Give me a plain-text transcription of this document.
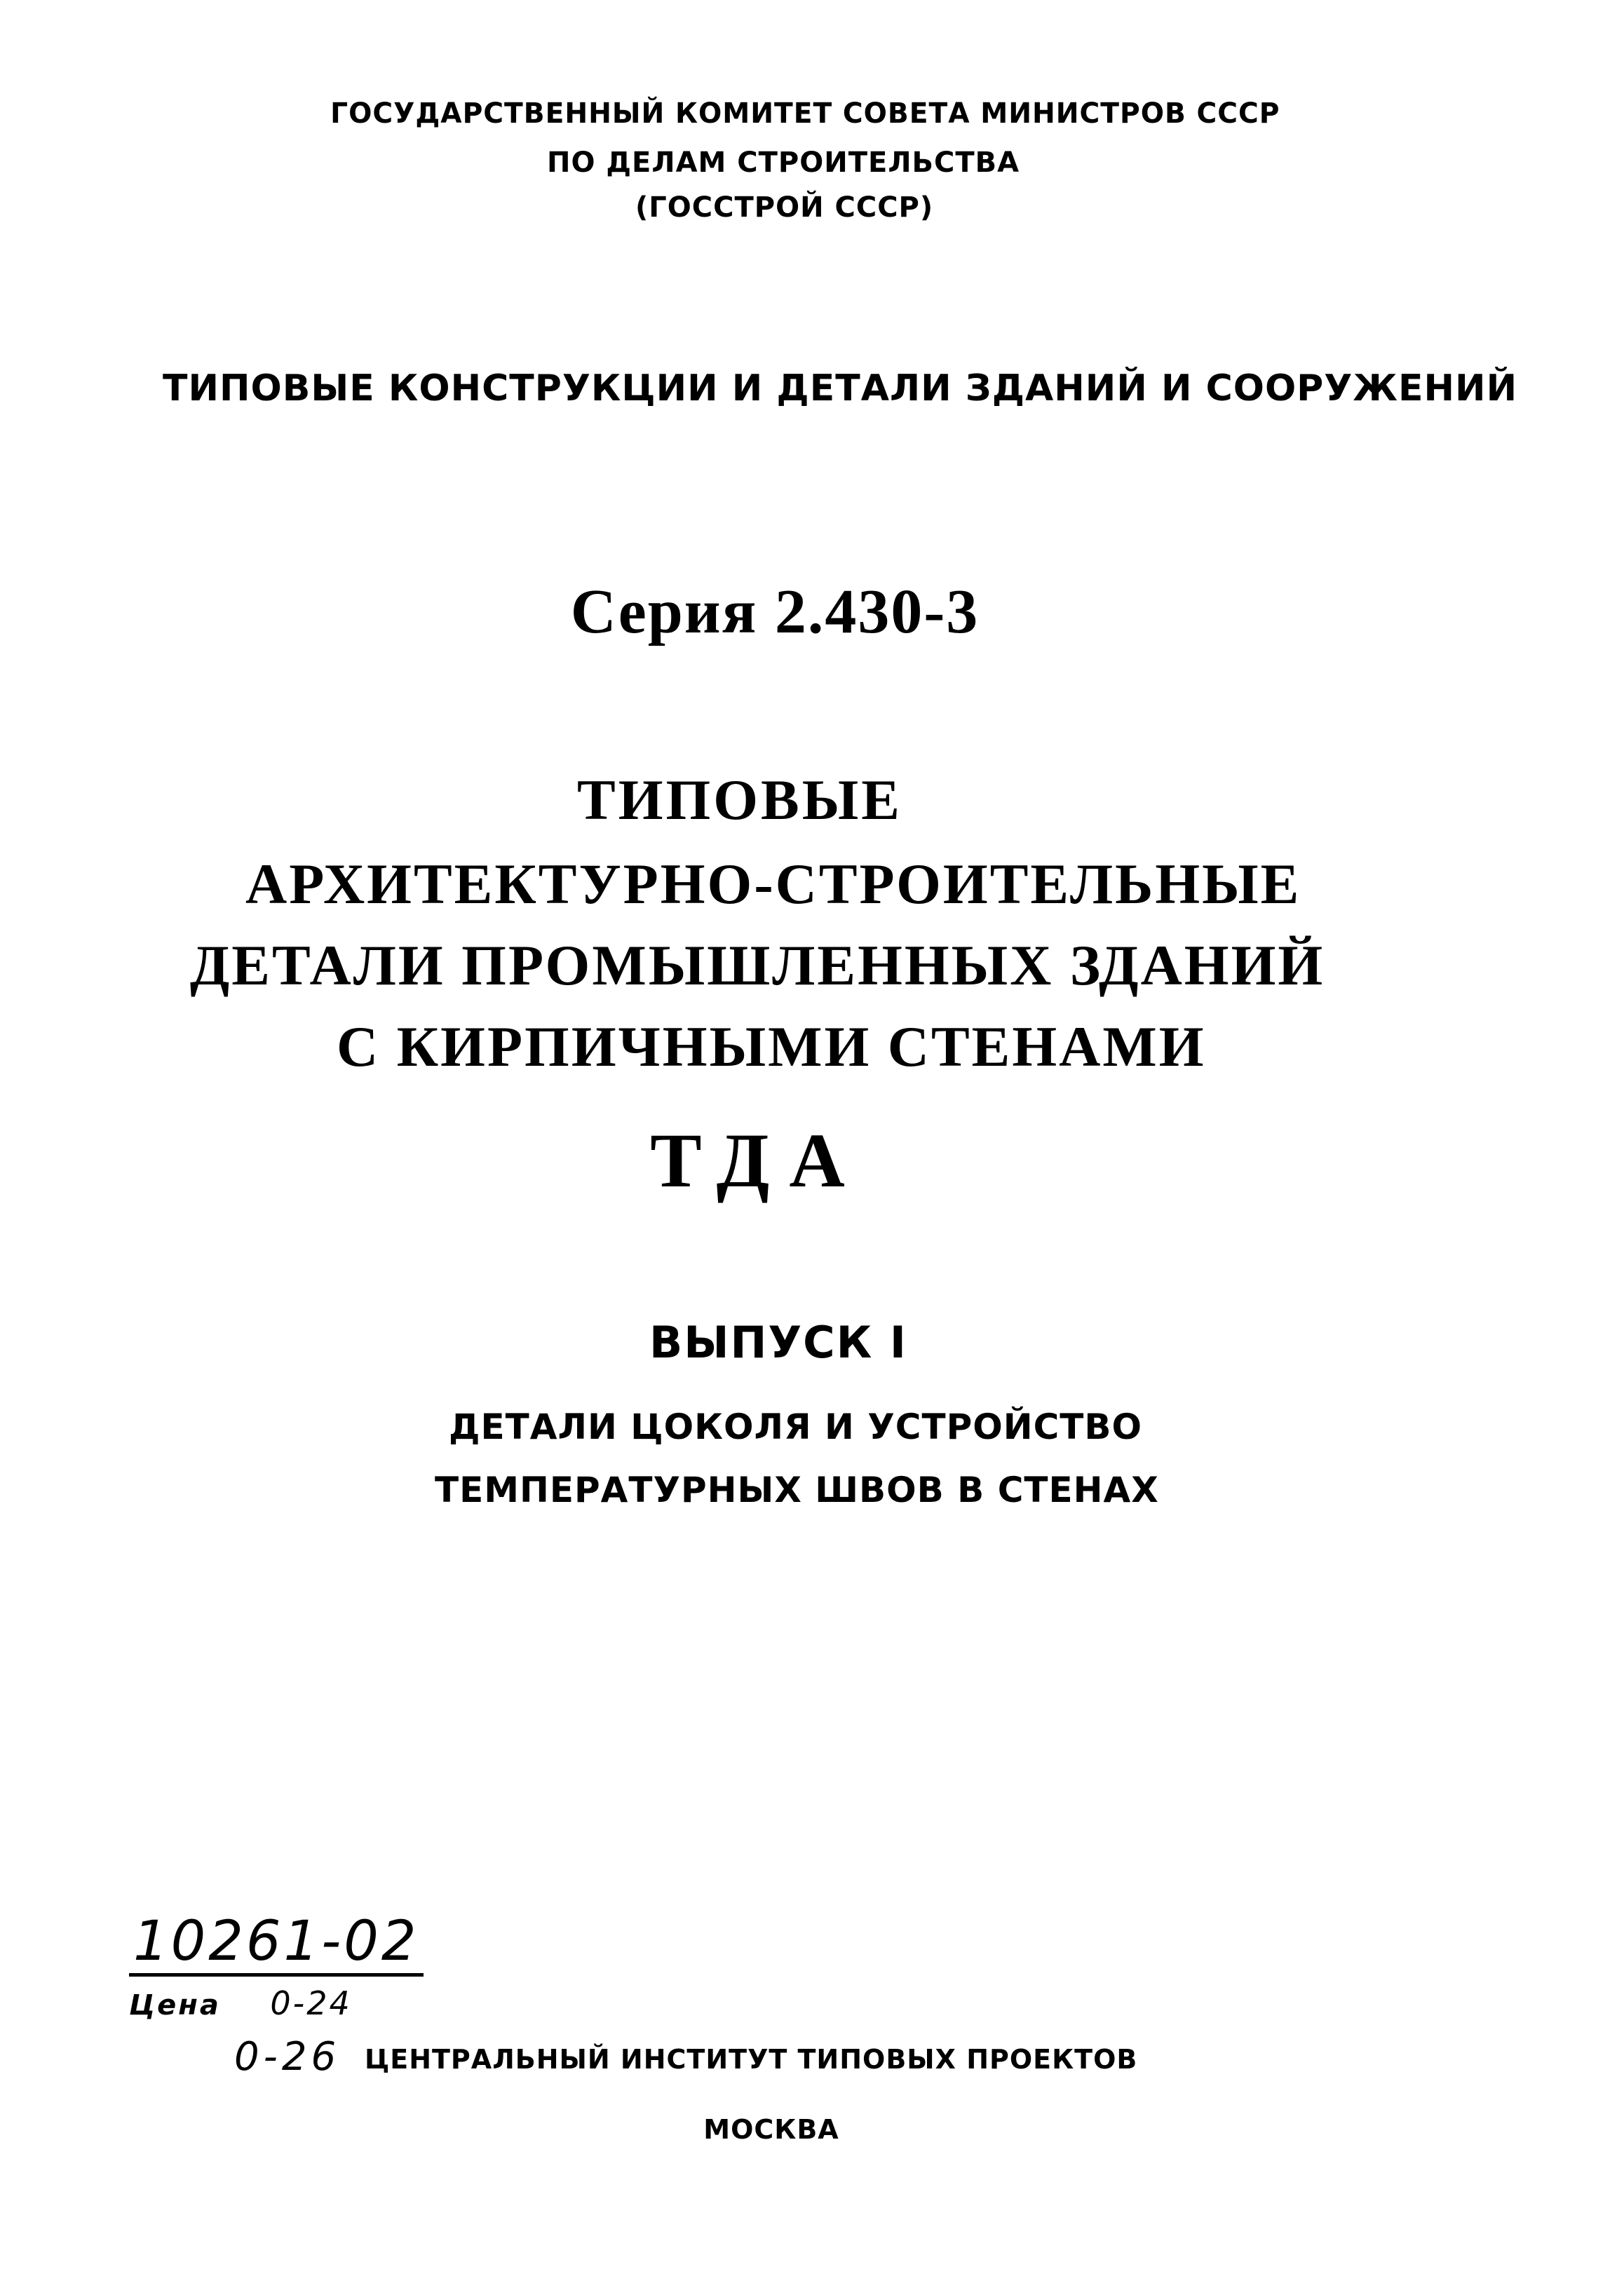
ГОСУДАРСТВЕННЫЙ КОМИТЕТ СОВЕТА МИНИСТРОВ СССР
ПО ДЕЛАМ СТРОИТЕЛЬСТВА
(ГОССТРОЙ СССР)
ТИПОВЫЕ КОНСТРУКЦИИ И ДЕТАЛИ ЗДАНИЙ И СООРУЖЕНИЙ
Серия 2.430-3
ТИПОВЫЕ
АРХИТЕКТУРНО-СТРОИТЕЛЬНЫЕ
ДЕТАЛИ ПРОМЫШЛЕННЫХ ЗДАНИЙ
С КИРПИЧНЫМИ СТЕНАМИ
ТДА
ВЫПУСК I
ДЕТАЛИ ЦОКОЛЯ И УСТРОЙСТВО
ТЕМПЕРАТУРНЫХ ШВОВ В СТЕНАХ
10261-02
Цена 0-24
0-26 ЦЕНТРАЛЬНЫЙ ИНСТИТУТ ТИПОВЫХ ПРОЕКТОВ
МОСКВА
